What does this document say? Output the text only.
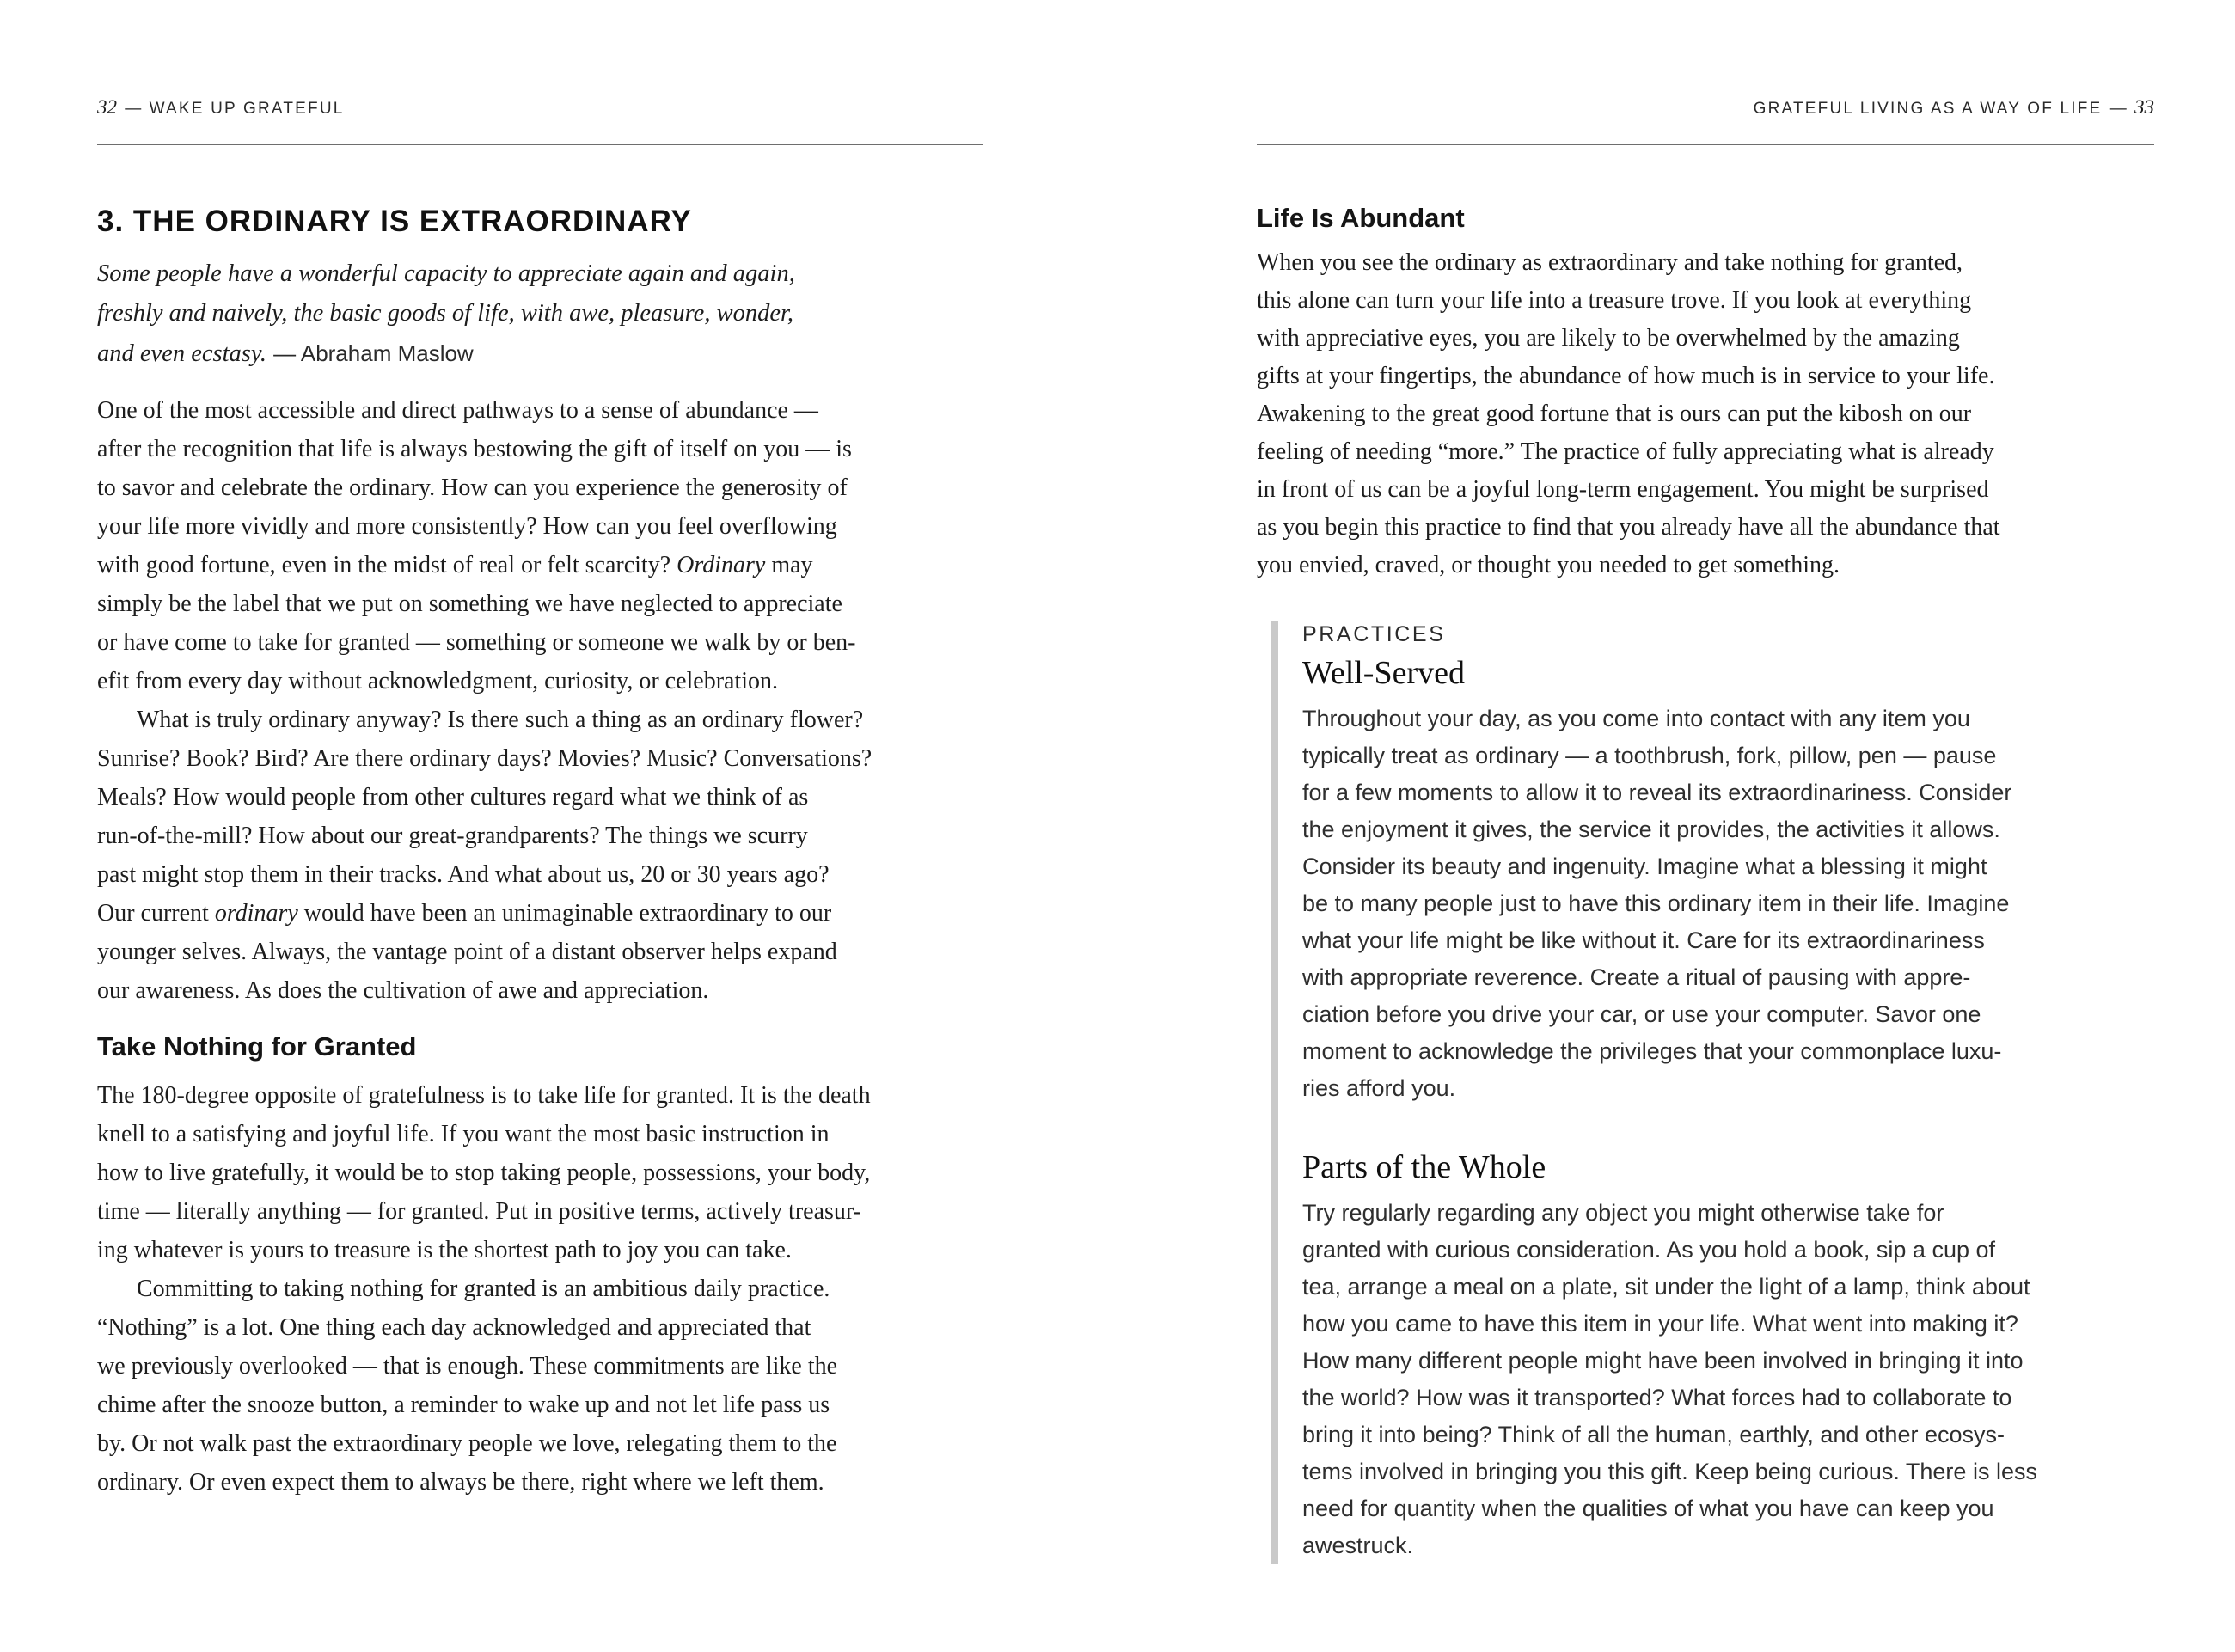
32 — WAKE UP GRATEFUL
3. THE ORDINARY IS EXTRAORDINARY
Some people have a wonderful capacity to appreciate again and again,
freshly and naively, the basic goods of life, with awe, pleasure, wonder,
and even ecstasy. — Abraham Maslow
One of the most accessible and direct pathways to a sense of abundance —
after the recognition that life is always bestowing the gift of itself on you — is
to savor and celebrate the ordinary. How can you experience the generosity of
your life more vividly and more consistently? How can you feel overflowing
with good fortune, even in the midst of real or felt scarcity? Ordinary may
simply be the label that we put on something we have neglected to appreciate
or have come to take for granted — something or someone we walk by or ben-
efit from every day without acknowledgment, curiosity, or celebration.
What is truly ordinary anyway? Is there such a thing as an ordinary flower?
Sunrise? Book? Bird? Are there ordinary days? Movies? Music? Conversations?
Meals? How would people from other cultures regard what we think of as
run-of-the-mill? How about our great-grandparents? The things we scurry
past might stop them in their tracks. And what about us, 20 or 30 years ago?
Our current ordinary would have been an unimaginable extraordinary to our
younger selves. Always, the vantage point of a distant observer helps expand
our awareness. As does the cultivation of awe and appreciation.
Take Nothing for Granted
The 180-degree opposite of gratefulness is to take life for granted. It is the death
knell to a satisfying and joyful life. If you want the most basic instruction in
how to live gratefully, it would be to stop taking people, possessions, your body,
time — literally anything — for granted. Put in positive terms, actively treasur-
ing whatever is yours to treasure is the shortest path to joy you can take.
Committing to taking nothing for granted is an ambitious daily practice.
“Nothing” is a lot. One thing each day acknowledged and appreciated that
we previously overlooked — that is enough. These commitments are like the
chime after the snooze button, a reminder to wake up and not let life pass us
by. Or not walk past the extraordinary people we love, relegating them to the
ordinary. Or even expect them to always be there, right where we left them.
GRATEFUL LIVING AS A WAY OF LIFE — 33
Life Is Abundant
When you see the ordinary as extraordinary and take nothing for granted,
this alone can turn your life into a treasure trove. If you look at everything
with appreciative eyes, you are likely to be overwhelmed by the amazing
gifts at your fingertips, the abundance of how much is in service to your life.
Awakening to the great good fortune that is ours can put the kibosh on our
feeling of needing “more.” The practice of fully appreciating what is already
in front of us can be a joyful long-term engagement. You might be surprised
as you begin this practice to find that you already have all the abundance that
you envied, craved, or thought you needed to get something.
PRACTICES
Well-Served
Throughout your day, as you come into contact with any item you
typically treat as ordinary — a toothbrush, fork, pillow, pen — pause
for a few moments to allow it to reveal its extraordinariness. Consider
the enjoyment it gives, the service it provides, the activities it allows.
Consider its beauty and ingenuity. Imagine what a blessing it might
be to many people just to have this ordinary item in their life. Imagine
what your life might be like without it. Care for its extraordinariness
with appropriate reverence. Create a ritual of pausing with appre-
ciation before you drive your car, or use your computer. Savor one
moment to acknowledge the privileges that your commonplace luxu-
ries afford you.
Parts of the Whole
Try regularly regarding any object you might otherwise take for
granted with curious consideration. As you hold a book, sip a cup of
tea, arrange a meal on a plate, sit under the light of a lamp, think about
how you came to have this item in your life. What went into making it?
How many different people might have been involved in bringing it into
the world? How was it transported? What forces had to collaborate to
bring it into being? Think of all the human, earthly, and other ecosys-
tems involved in bringing you this gift. Keep being curious. There is less
need for quantity when the qualities of what you have can keep you
awestruck.
